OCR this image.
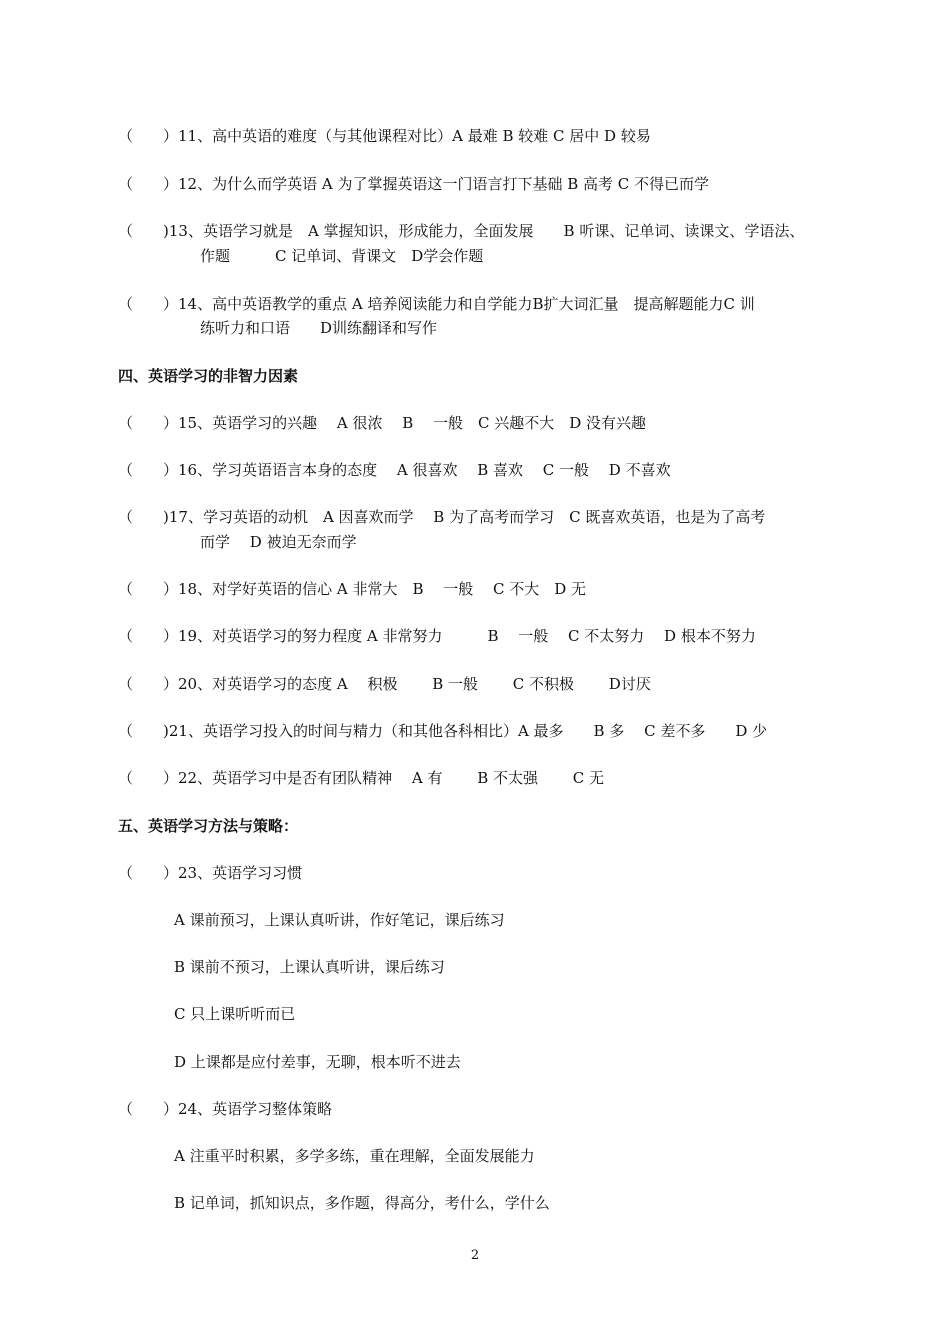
（　　）11、高中英语的难度（与其他课程对比）A 最难 B 较难 C 居中 D 较易
（　　）12、为什么而学英语 A 为了掌握英语这一门语言打下基础 B 高考 C 不得已而学
（　　)13、英语学习就是　A 掌握知识，形成能力，全面发展　　B 听课、记单词、读课文、学语法、
作题　　　C 记单词、背课文　D学会作题
（　　）14、高中英语教学的重点 A 培养阅读能力和自学能力B扩大词汇量　提高解题能力C 训
练听力和口语　　D训练翻译和写作
四、英语学习的非智力因素
（　　）15、英语学习的兴趣　 A 很浓　 B　 一般　C 兴趣不大　D 没有兴趣
（　　）16、学习英语语言本身的态度　 A 很喜欢　 B 喜欢　 C 一般　 D 不喜欢
（　　)17、学习英语的动机　A 因喜欢而学　 B 为了高考而学习　C 既喜欢英语，也是为了高考
而学　 D 被迫无奈而学
（　　）18、对学好英语的信心 A 非常大　B　 一般　 C 不大　D 无
（　　）19、对英语学习的努力程度 A 非常努力　　　B　 一般　 C 不太努力　 D 根本不努力
（　　）20、对英语学习的态度 A　 积极　　 B 一般　　 C 不积极　　 D讨厌
（　　)21、英语学习投入的时间与精力（和其他各科相比）A 最多　　B 多　 C 差不多　　D 少
（　　）22、英语学习中是否有团队精神　 A 有　　 B 不太强　　 C 无
五、英语学习方法与策略：
（　　）23、英语学习习惯
A 课前预习，上课认真听讲，作好笔记，课后练习
B 课前不预习，上课认真听讲，课后练习
C 只上课听听而已
D 上课都是应付差事，无聊，根本听不进去
（　　）24、英语学习整体策略
A 注重平时积累，多学多练，重在理解，全面发展能力
B 记单词，抓知识点，多作题，得高分，考什么，学什么
2
